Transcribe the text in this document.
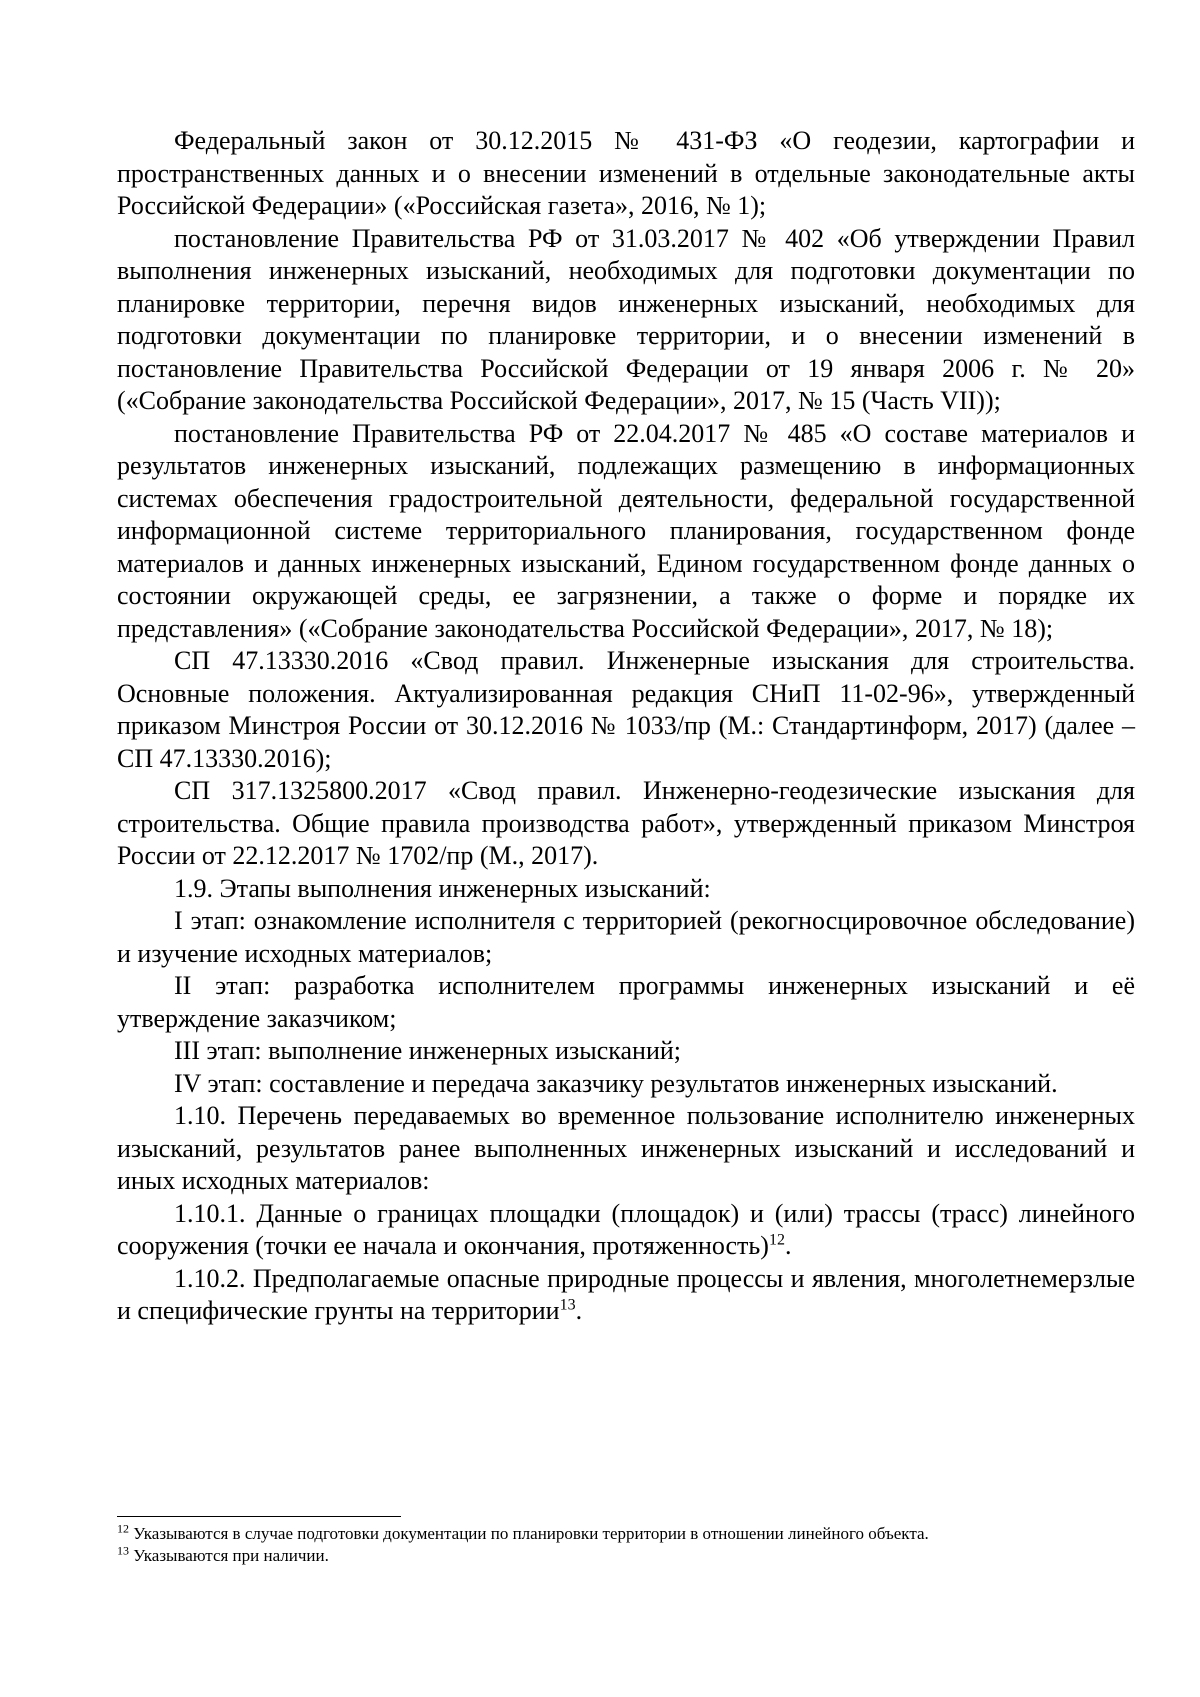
Федеральный закон от 30.12.2015 № 431-ФЗ «О геодезии, картографии и пространственных данных и о внесении изменений в отдельные законодательные акты Российской Федерации» («Российская газета», 2016, № 1);

постановление Правительства РФ от 31.03.2017 № 402 «Об утверждении Правил выполнения инженерных изысканий, необходимых для подготовки документации по планировке территории, перечня видов инженерных изысканий, необходимых для подготовки документации по планировке территории, и о внесении изменений в постановление Правительства Российской Федерации от 19 января 2006 г. № 20» («Собрание законодательства Российской Федерации», 2017, № 15 (Часть VII));

постановление Правительства РФ от 22.04.2017 № 485 «О составе материалов и результатов инженерных изысканий, подлежащих размещению в информационных системах обеспечения градостроительной деятельности, федеральной государственной информационной системе территориального планирования, государственном фонде материалов и данных инженерных изысканий, Едином государственном фонде данных о состоянии окружающей среды, ее загрязнении, а также о форме и порядке их представления» («Собрание законодательства Российской Федерации», 2017, № 18);

СП 47.13330.2016 «Свод правил. Инженерные изыскания для строительства. Основные положения. Актуализированная редакция СНиП 11-02-96», утвержденный приказом Минстроя России от 30.12.2016 № 1033/пр (М.: Стандартинформ, 2017) (далее – СП 47.13330.2016);

СП 317.1325800.2017 «Свод правил. Инженерно-геодезические изыскания для строительства. Общие правила производства работ», утвержденный приказом Минстроя России от 22.12.2017 № 1702/пр (М., 2017).

1.9. Этапы выполнения инженерных изысканий:

I этап: ознакомление исполнителя с территорией (рекогносцировочное обследование) и изучение исходных материалов;

II этап: разработка исполнителем программы инженерных изысканий и её утверждение заказчиком;

III этап: выполнение инженерных изысканий;

IV этап: составление и передача заказчику результатов инженерных изысканий.

1.10. Перечень передаваемых во временное пользование исполнителю инженерных изысканий, результатов ранее выполненных инженерных изысканий и исследований и иных исходных материалов:

1.10.1. Данные о границах площадки (площадок) и (или) трассы (трасс) линейного сооружения (точки ее начала и окончания, протяженность)$^{12}$.

1.10.2. Предполагаемые опасные природные процессы и явления, многолетнемерзлые и специфические грунты на территории$^{13}$.

$^{12}$ Указываются в случае подготовки документации по планировки территории в отношении линейного объекта.

$^{13}$ Указываются при наличии.
